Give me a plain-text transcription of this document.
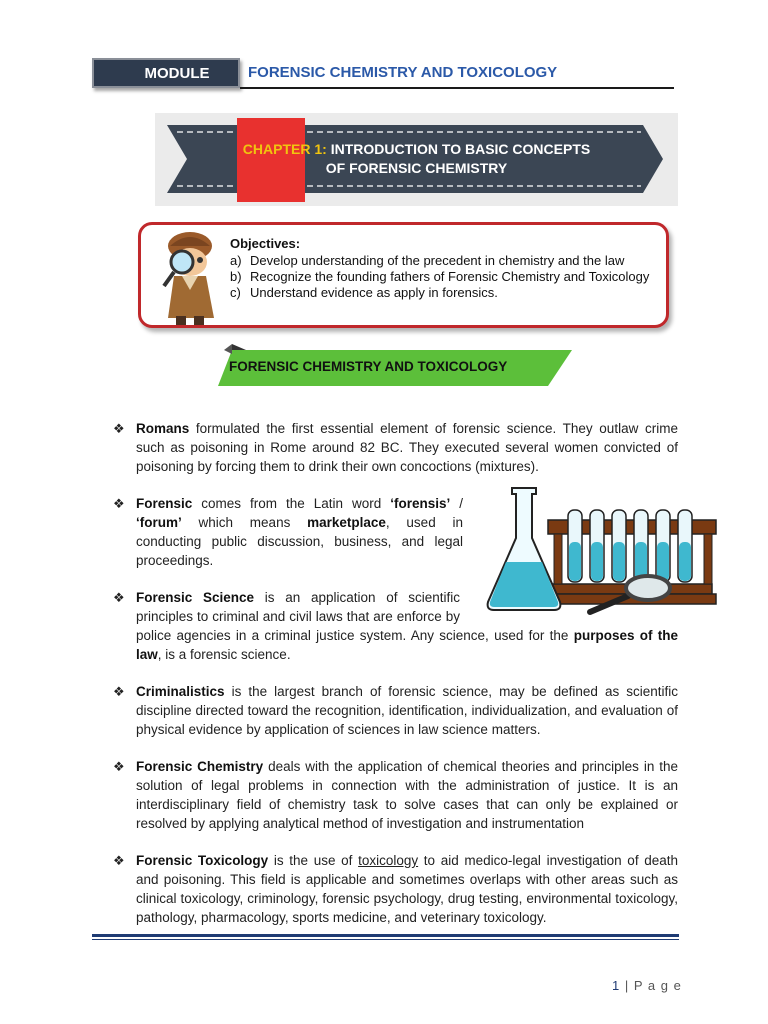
MODULE	FORENSIC CHEMISTRY AND TOXICOLOGY
CHAPTER 1: INTRODUCTION TO BASIC CONCEPTS
OF FORENSIC CHEMISTRY
Objectives:
a) Develop understanding of the precedent in chemistry and the law
b) Recognize the founding fathers of Forensic Chemistry and Toxicology
c) Understand evidence as apply in forensics.
FORENSIC CHEMISTRY AND TOXICOLOGY
❖ Romans formulated the first essential element of forensic science. They outlaw crime such as poisoning in Rome around 82 BC. They executed several women convicted of poisoning by forcing them to drink their own concoctions (mixtures).
❖ Forensic comes from the Latin word ‘forensis’ / ‘forum’ which means marketplace, used in conducting public discussion, business, and legal proceedings.
❖ Forensic Science is an application of scientific principles to criminal and civil laws that are enforce by police agencies in a criminal justice system. Any science, used for the purposes of the law, is a forensic science.
❖ Criminalistics is the largest branch of forensic science, may be defined as scientific discipline directed toward the recognition, identification, individualization, and evaluation of physical evidence by application of sciences in law science matters.
❖ Forensic Chemistry deals with the application of chemical theories and principles in the solution of legal problems in connection with the administration of justice. It is an interdisciplinary field of chemistry task to solve cases that can only be explained or resolved by applying analytical method of investigation and instrumentation
❖ Forensic Toxicology is the use of toxicology to aid medico-legal investigation of death and poisoning. This field is applicable and sometimes overlaps with other areas such as clinical toxicology, criminology, forensic psychology, drug testing, environmental toxicology, pathology, pharmacology, sports medicine, and veterinary toxicology.
1 | P a g e
